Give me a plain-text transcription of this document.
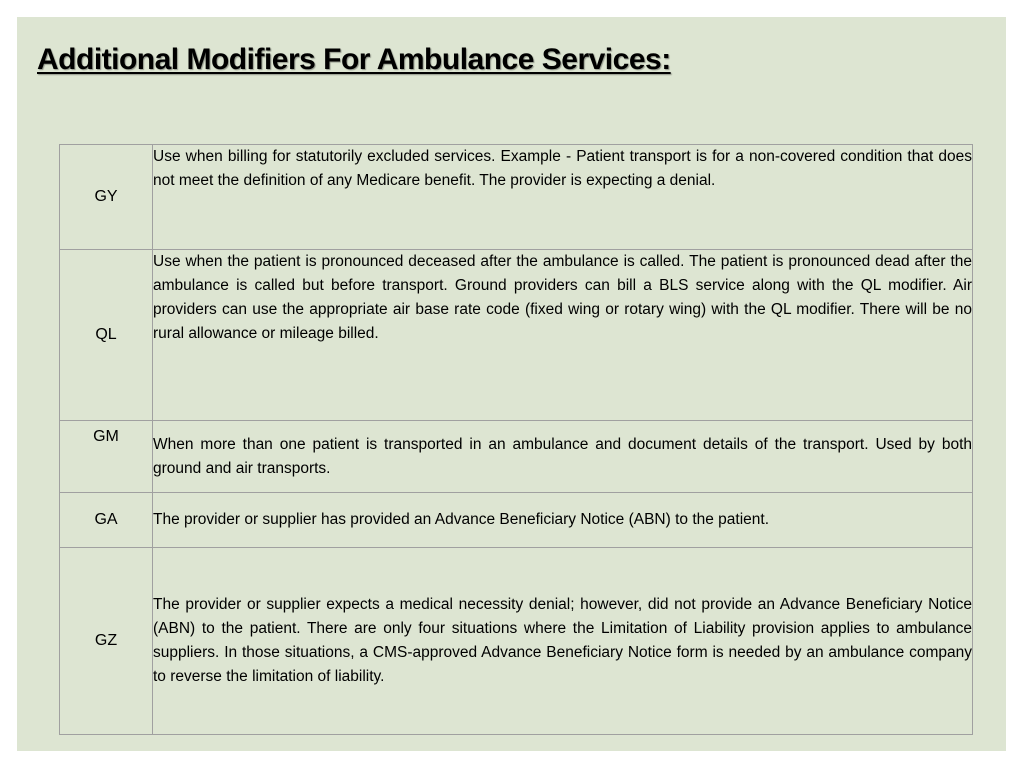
Additional Modifiers For Ambulance Services:
GY	Use when billing for statutorily excluded services. Example - Patient transport is for a non-covered condition that does not meet the definition of any Medicare benefit. The provider is expecting a denial.
QL	Use when the patient is pronounced deceased after the ambulance is called. The patient is pronounced dead after the ambulance is called but before transport. Ground providers can bill a BLS service along with the QL modifier. Air providers can use the appropriate air base rate code (fixed wing or rotary wing) with the QL modifier. There will be no rural allowance or mileage billed.
GM	When more than one patient is transported in an ambulance and document details of the transport. Used by both ground and air transports.
GA	The provider or supplier has provided an Advance Beneficiary Notice (ABN) to the patient.
GZ	The provider or supplier expects a medical necessity denial; however, did not provide an Advance Beneficiary Notice (ABN) to the patient. There are only four situations where the Limitation of Liability provision applies to ambulance suppliers. In those situations, a CMS-approved Advance Beneficiary Notice form is needed by an ambulance company to reverse the limitation of liability.
